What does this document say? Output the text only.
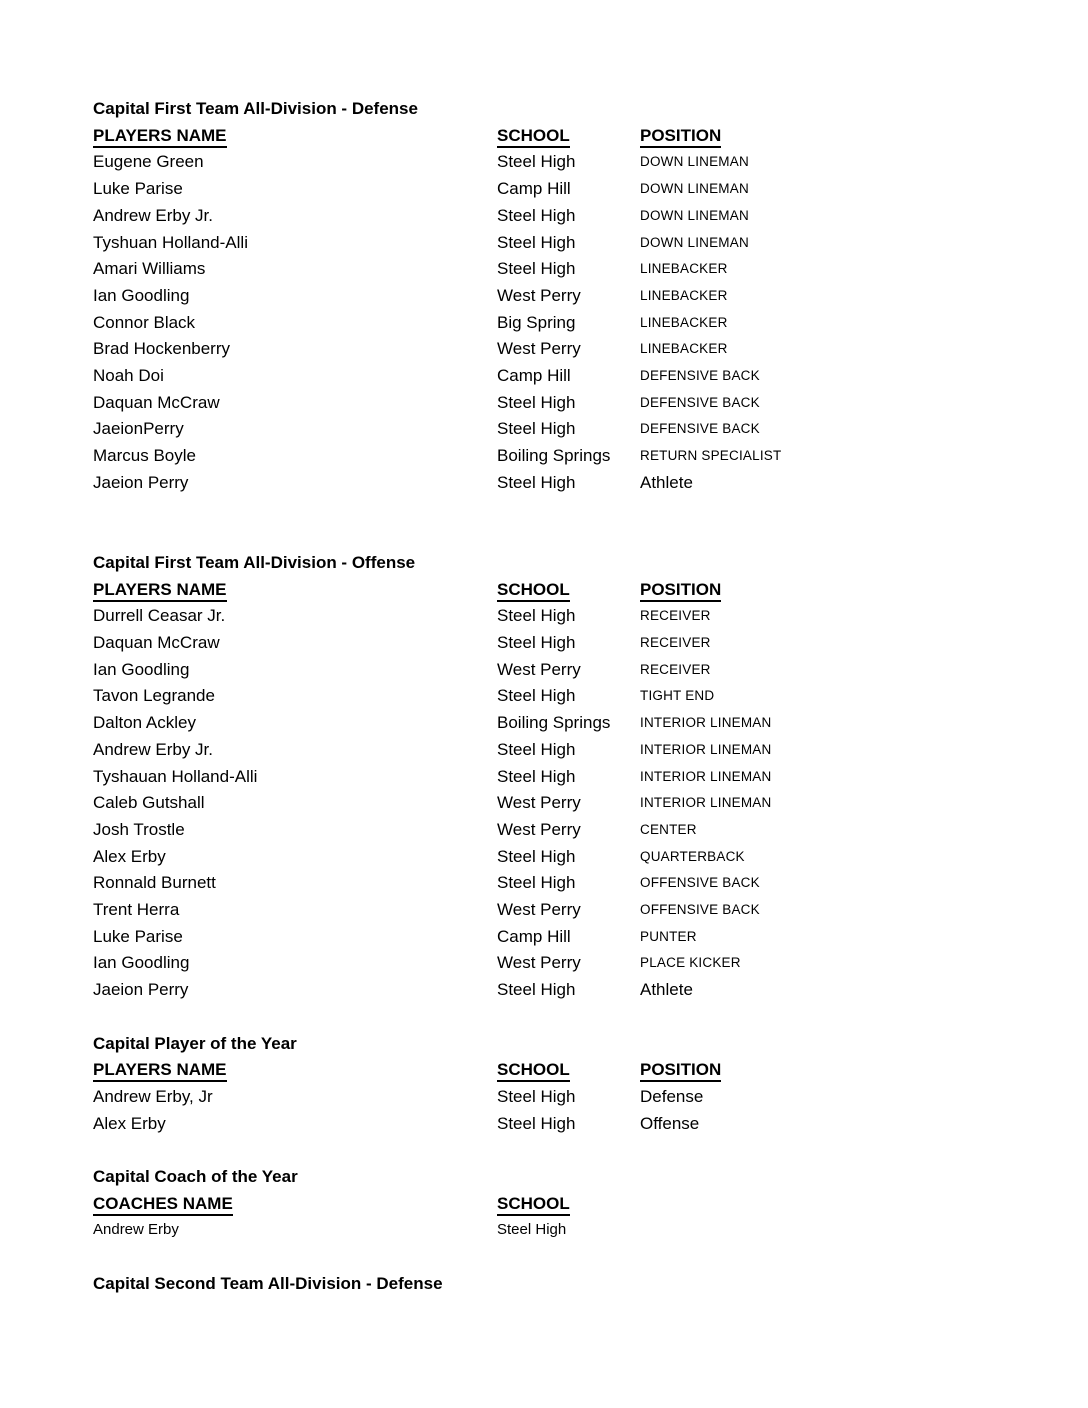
Capital First Team All-Division - Defense
PLAYERS NAME	SCHOOL	POSITION
Eugene Green	Steel High	DOWN LINEMAN
Luke Parise	Camp Hill	DOWN LINEMAN
Andrew Erby Jr.	Steel High	DOWN LINEMAN
Tyshuan Holland-Alli	Steel High	DOWN LINEMAN
Amari Williams	Steel High	LINEBACKER
Ian Goodling	West Perry	LINEBACKER
Connor Black	Big Spring	LINEBACKER
Brad Hockenberry	West Perry	LINEBACKER
Noah Doi	Camp Hill	DEFENSIVE BACK
Daquan McCraw	Steel High	DEFENSIVE BACK
JaeionPerry	Steel High	DEFENSIVE BACK
Marcus Boyle	Boiling Springs	RETURN SPECIALIST
Jaeion Perry	Steel High	Athlete
Capital First Team All-Division - Offense
PLAYERS NAME	SCHOOL	POSITION
Durrell Ceasar Jr.	Steel High	RECEIVER
Daquan McCraw	Steel High	RECEIVER
Ian Goodling	West Perry	RECEIVER
Tavon Legrande	Steel High	TIGHT END
Dalton Ackley	Boiling Springs	INTERIOR LINEMAN
Andrew Erby Jr.	Steel High	INTERIOR LINEMAN
Tyshauan Holland-Alli	Steel High	INTERIOR LINEMAN
Caleb Gutshall	West Perry	INTERIOR LINEMAN
Josh Trostle	West Perry	CENTER
Alex Erby	Steel High	QUARTERBACK
Ronnald Burnett	Steel High	OFFENSIVE BACK
Trent Herra	West Perry	OFFENSIVE BACK
Luke Parise	Camp Hill	PUNTER
Ian Goodling	West Perry	PLACE KICKER
Jaeion Perry	Steel High	Athlete
Capital Player of the Year
PLAYERS NAME	SCHOOL	POSITION
Andrew Erby, Jr	Steel High	Defense
Alex Erby	Steel High	Offense
Capital Coach of the Year
COACHES NAME	SCHOOL
Andrew Erby	Steel High
Capital Second Team All-Division - Defense
